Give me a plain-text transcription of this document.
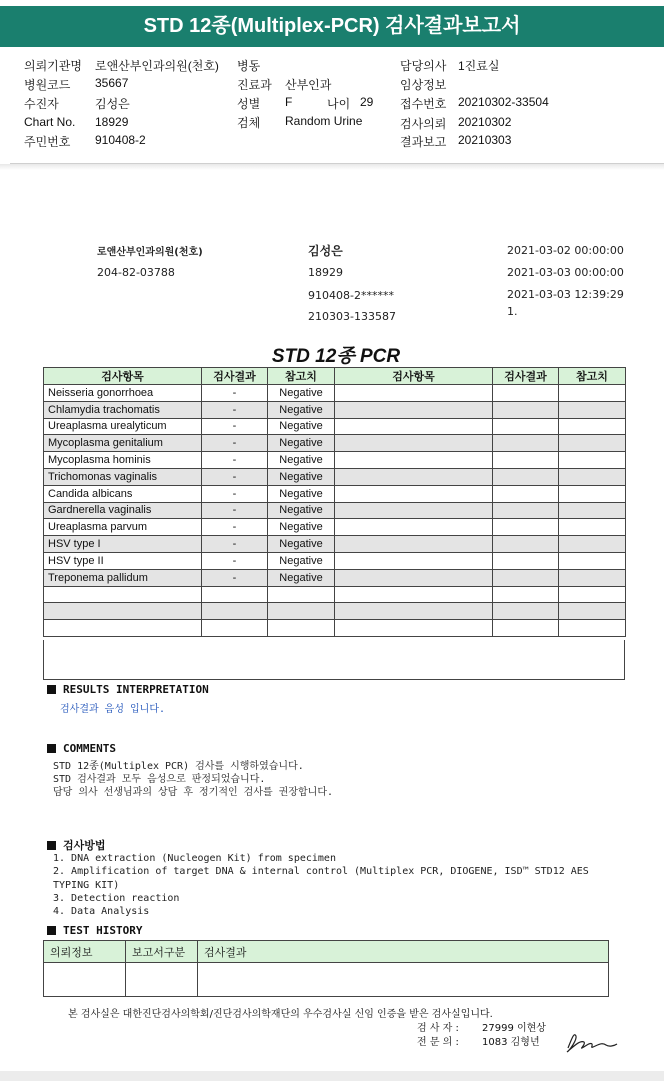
STD 12종(Multiplex-PCR) 검사결과보고서
의뢰기관명 로앤산부인과의원(천호)
병원코드 35667
수진자	김성은
Chart No. 18929
주민번호 910408-2
병동
진료과 산부인과
성별 F	나이 29
검체 Random Urine
담당의사 1진료실
임상정보
접수번호 20210302-33504
검사의뢰 20210302
결과보고 20210303
로앤산부인과의원(천호)
204-82-03788
김성은
18929
910408-2******
210303-133587
2021-03-02 00:00:00
2021-03-03 00:00:00
2021-03-03 12:39:29
1.
STD 12종 PCR
검사항목	검사결과	참고치	검사항목	검사결과	참고치
Neisseria gonorrhoea	-	Negative			
Chlamydia trachomatis	-	Negative			
Ureaplasma urealyticum	-	Negative			
Mycoplasma genitalium	-	Negative			
Mycoplasma hominis	-	Negative			
Trichomonas vaginalis	-	Negative			
Candida albicans	-	Negative			
Gardnerella vaginalis	-	Negative			
Ureaplasma parvum	-	Negative			
HSV type I	-	Negative			
HSV type II	-	Negative			
Treponema pallidum	-	Negative			

RESULTS INTERPRETATION
검사결과 음성 입니다.
COMMENTS
STD 12종(Multiplex PCR) 검사를 시행하였습니다.
STD 검사결과 모두 음성으로 판정되었습니다.
담당 의사 선생님과의 상담 후 정기적인 검사를 권장합니다.
검사방법
1. DNA extraction (Nucleogen Kit) from specimen
2. Amplification of target DNA & internal control (Multiplex PCR, DIOGENE, ISD™ STD12 AES
TYPING KIT)
3. Detection reaction
4. Data Analysis
TEST HISTORY
의뢰정보	보고서구분	검사결과

본 검사실은 대한진단검사의학회/진단검사의학재단의 우수검사실 신임 인증을 받은 검사실입니다.
검 사 자 : 27999 이현상
전 문 의 : 1083 김형년
